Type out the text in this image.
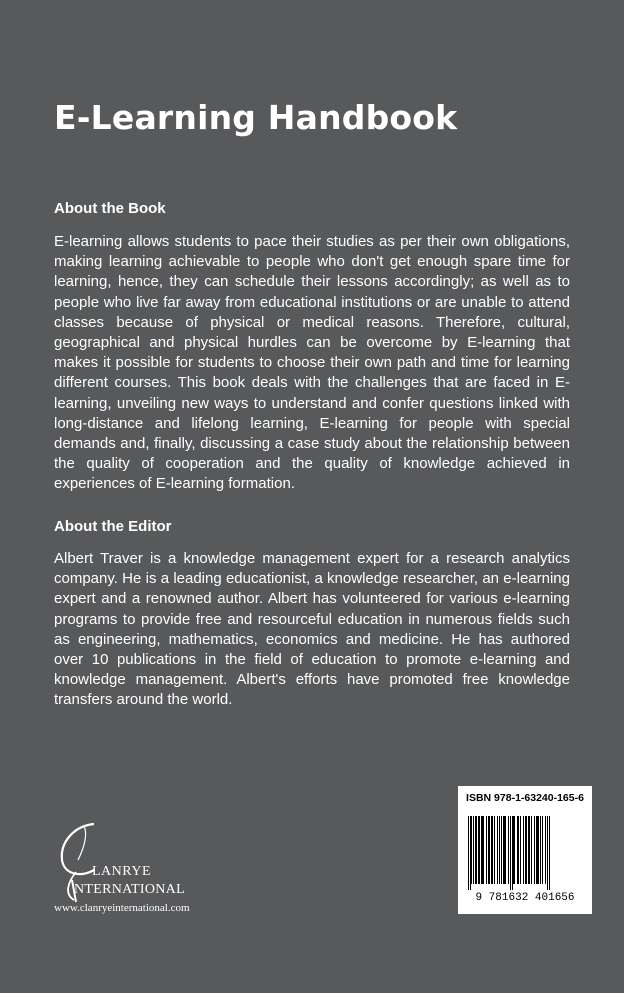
E-Learning Handbook
About the Book

E-learning allows students to pace their studies as per their own obligations, making learning achievable to people who don't get enough spare time for learning, hence, they can schedule their lessons accordingly; as well as to people who live far away from educational institutions or are unable to attend classes because of physical or medical reasons. Therefore, cultural, geographical and physical hurdles can be overcome by E-learning that makes it possible for students to choose their own path and time for learning different courses. This book deals with the challenges that are faced in E-learning, unveiling new ways to understand and confer questions linked with long-distance and lifelong learning, E-learning for people with special demands and, finally, discussing a case study about the relationship between the quality of cooperation and the quality of knowledge achieved in experiences of E-learning formation.

About the Editor

Albert Traver is a knowledge management expert for a research analytics company. He is a leading educationist, a knowledge researcher, an e-learning expert and a renowned author. Albert has volunteered for various e-learning programs to provide free and resourceful education in numerous fields such as engineering, mathematics, economics and medicine. He has authored over 10 publications in the field of education to promote e-learning and knowledge management. Albert's efforts have promoted free knowledge transfers around the world.

LANRYE
NTERNATIONAL
www.clanryeinternational.com
ISBN 978-1-63240-165-6
9 781632 401656
